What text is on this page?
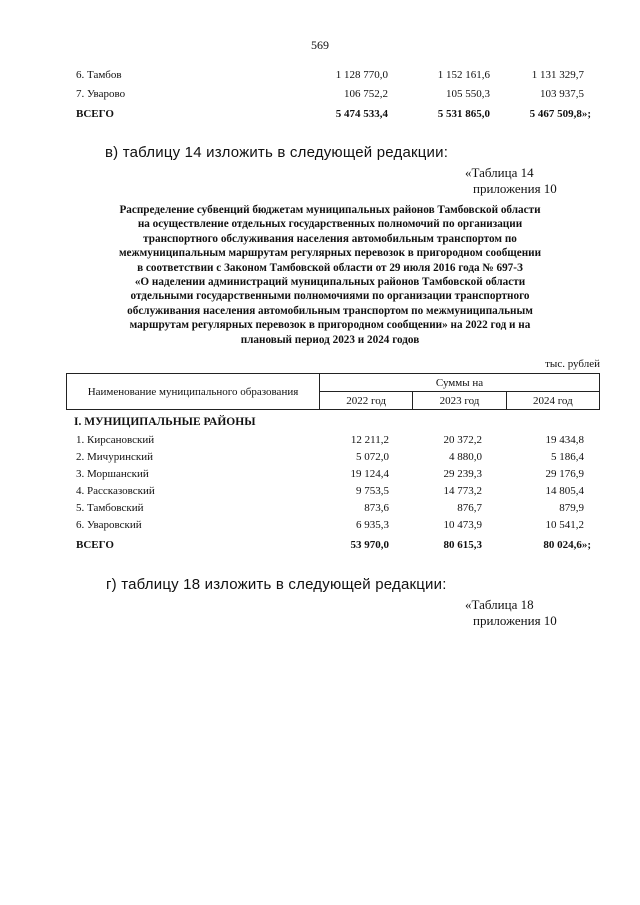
569
6. Тамбов	1 128 770,0	1 152 161,6	1 131 329,7
7. Уварово	106 752,2	105 550,3	103 937,5
ВСЕГО	5 474 533,4	5 531 865,0	5 467 509,8»;
в) таблицу 14 изложить в следующей редакции:
«Таблица 14
приложения 10
Распределение субвенций бюджетам муниципальных районов Тамбовской области
на осуществление отдельных государственных полномочий по организации
транспортного обслуживания населения автомобильным транспортом по
межмуниципальным маршрутам регулярных перевозок в пригородном сообщении
в соответствии с Законом Тамбовской области от 29 июля 2016 года № 697-З
«О наделении администраций муниципальных районов Тамбовской области
отдельными государственными полномочиями по организации транспортного
обслуживания населения автомобильным транспортом по межмуниципальным
маршрутам регулярных перевозок в пригородном сообщении» на 2022 год и на
плановый период 2023 и 2024 годов
тыс. рублей
Наименование муниципального образования	Суммы на		
	2022 год	2023 год	2024 год
I. МУНИЦИПАЛЬНЫЕ РАЙОНЫ
1. Кирсановский	12 211,2	20 372,2	19 434,8
2. Мичуринский	5 072,0	4 880,0	5 186,4
3. Моршанский	19 124,4	29 239,3	29 176,9
4. Рассказовский	9 753,5	14 773,2	14 805,4
5. Тамбовский	873,6	876,7	879,9
6. Уваровский	6 935,3	10 473,9	10 541,2
ВСЕГО	53 970,0	80 615,3	80 024,6»;
г) таблицу 18 изложить в следующей редакции:
«Таблица 18
приложения 10
